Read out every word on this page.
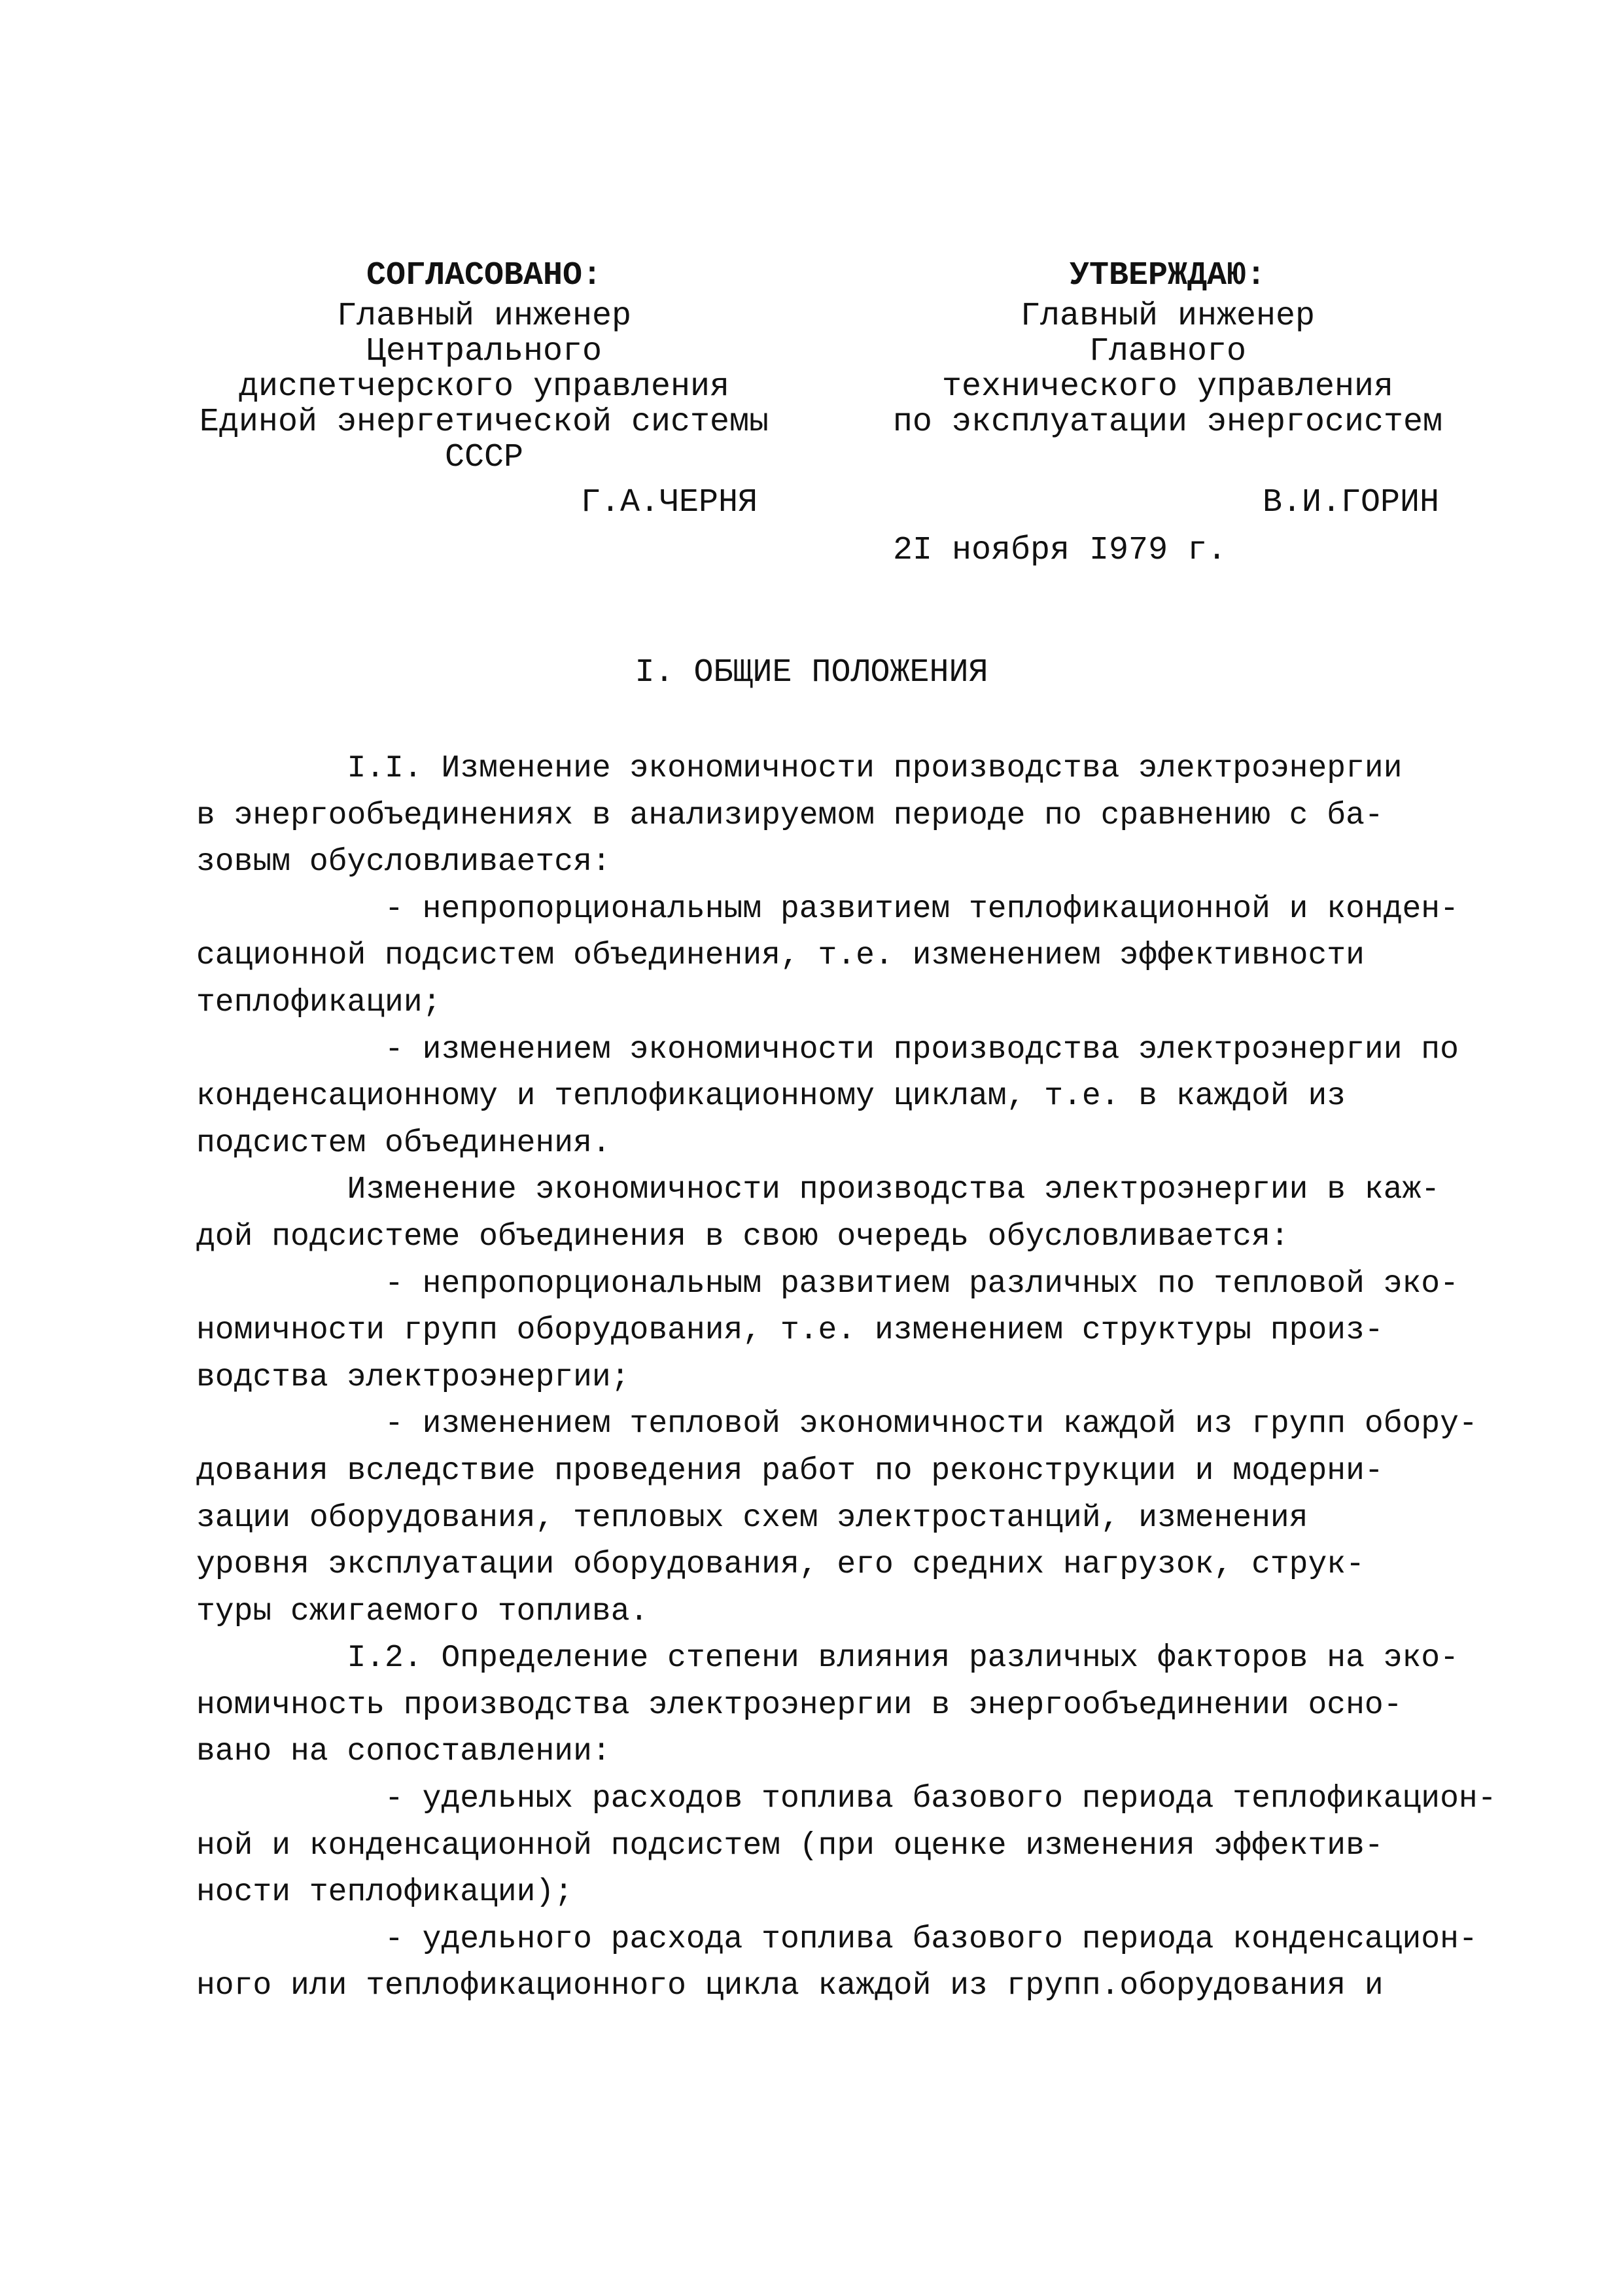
СОГЛАСОВАНО:
Главный инженер
Центрального
диспетчерского управления
Единой энергетической системы
СССР
Г.А.ЧЕРНЯ
УТВЕРЖДАЮ:
Главный инженер
Главного
технического управления
по эксплуатации энергосистем
В.И.ГОРИН
2I ноября I979 г.
I. ОБЩИЕ ПОЛОЖЕНИЯ
I.I. Изменение экономичности производства электроэнергии
в энергообъединениях в анализируемом периоде по сравнению с ба-
зовым обусловливается:
- непропорциональным развитием теплофикационной и конден-
сационной подсистем объединения, т.е. изменением эффективности
теплофикации;
- изменением экономичности производства электроэнергии по
конденсационному и теплофикационному циклам, т.е. в каждой из
подсистем объединения.
Изменение экономичности производства электроэнергии в каж-
дой подсистеме объединения в свою очередь обусловливается:
- непропорциональным развитием различных по тепловой эко-
номичности групп оборудования, т.е. изменением структуры произ-
водства электроэнергии;
- изменением тепловой экономичности каждой из групп обору-
дования вследствие проведения работ по реконструкции и модерни-
зации оборудования, тепловых схем электростанций, изменения
уровня эксплуатации оборудования, его средних нагрузок, струк-
туры сжигаемого топлива.
I.2. Определение степени влияния различных факторов на эко-
номичность производства электроэнергии в энергообъединении осно-
вано на сопоставлении:
- удельных расходов топлива базового периода теплофикацион-
ной и конденсационной подсистем (при оценке изменения эффектив-
ности теплофикации);
- удельного расхода топлива базового периода конденсацион-
ного или теплофикационного цикла каждой из групп.оборудования и
